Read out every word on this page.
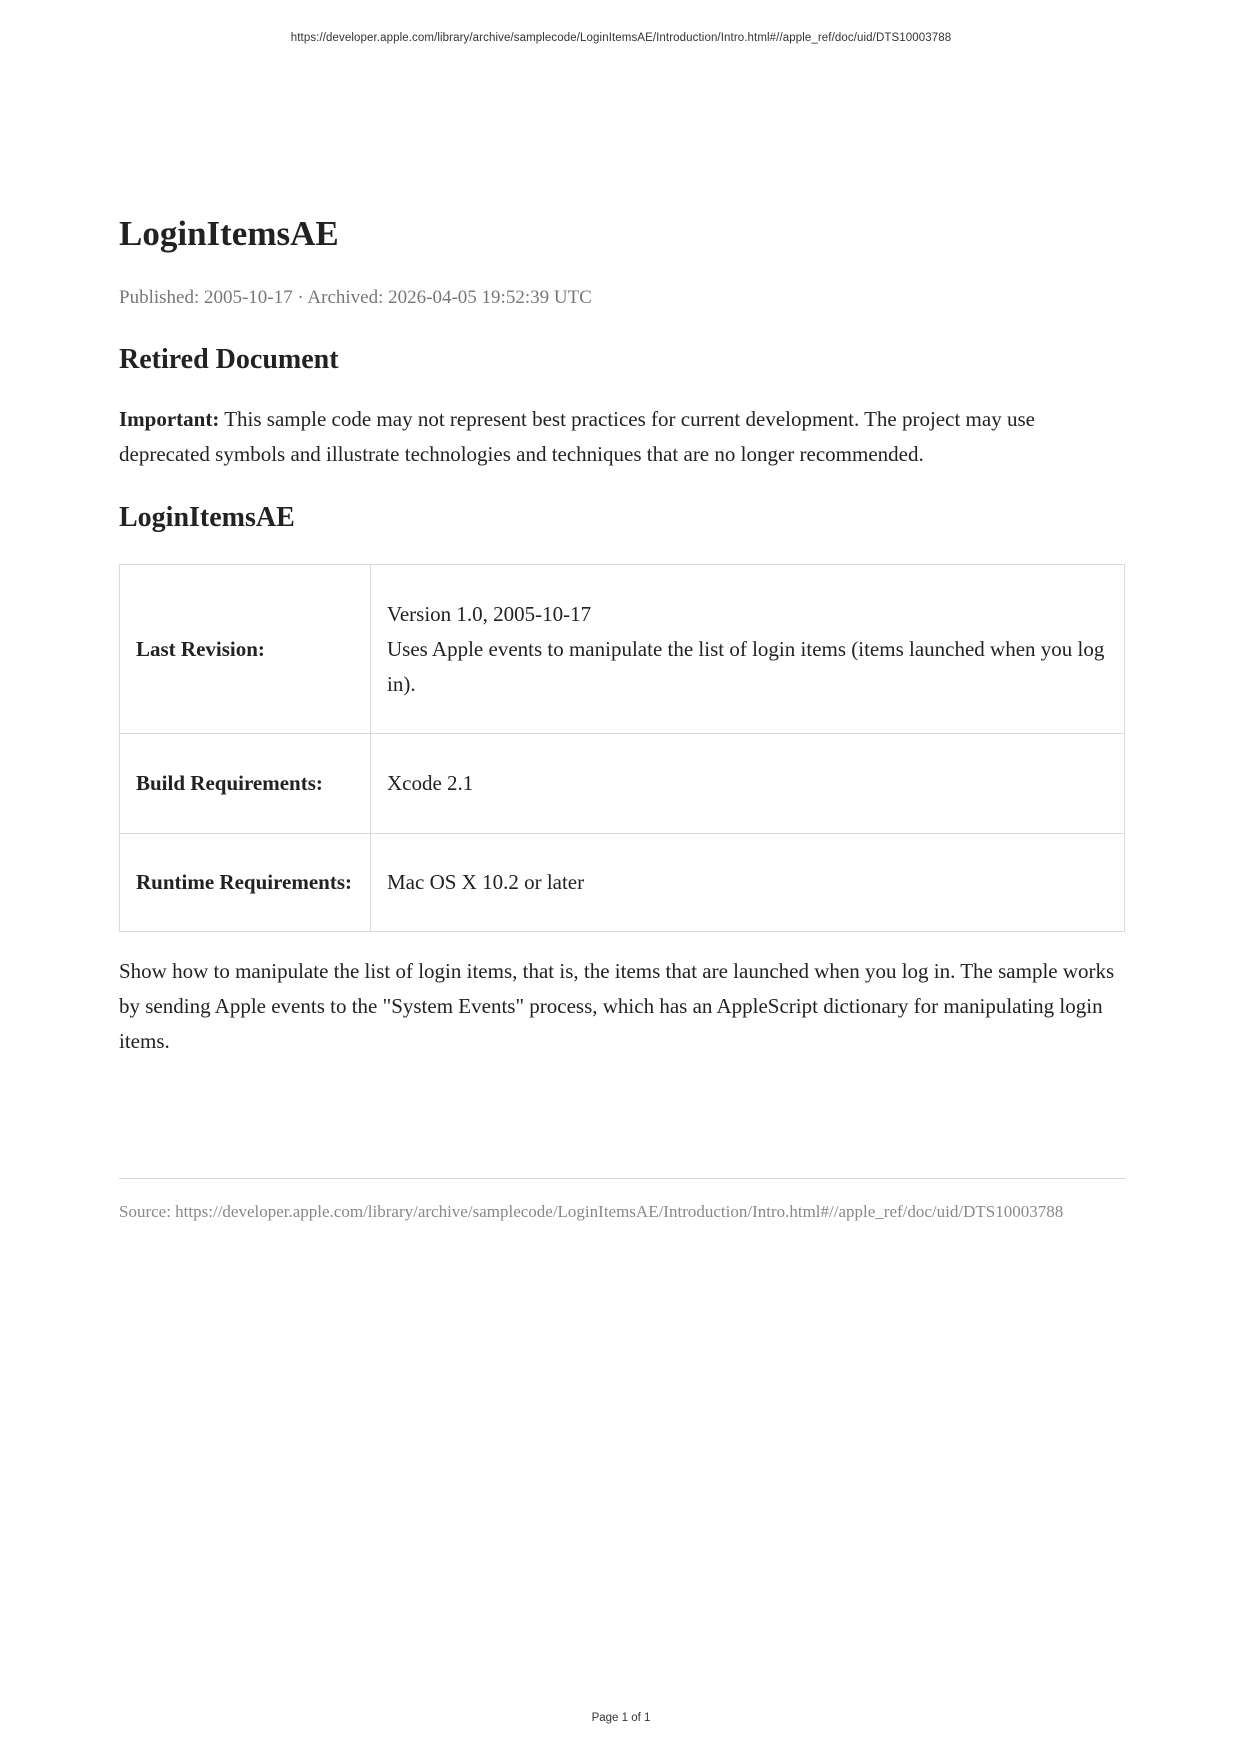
https://developer.apple.com/library/archive/samplecode/LoginItemsAE/Introduction/Intro.html#//apple_ref/doc/uid/DTS10003788
LoginItemsAE
Published: 2005-10-17 · Archived: 2026-04-05 19:52:39 UTC
Retired Document

Important: This sample code may not represent best practices for current development. The project may use deprecated symbols and illustrate technologies and techniques that are no longer recommended.

LoginItemsAE
Last Revision:	Version 1.0, 2005-10-17
Uses Apple events to manipulate the list of login items (items launched when you log in).

Build Requirements:	Xcode 2.1
Runtime Requirements:	Mac OS X 10.2 or later

Show how to manipulate the list of login items, that is, the items that are launched when you log in. The sample works by sending Apple events to the "System Events" process, which has an AppleScript dictionary for manipulating login items.

Source: https://developer.apple.com/library/archive/samplecode/LoginItemsAE/Introduction/Intro.html#//apple_ref/doc/uid/DTS10003788
Page 1 of 1
